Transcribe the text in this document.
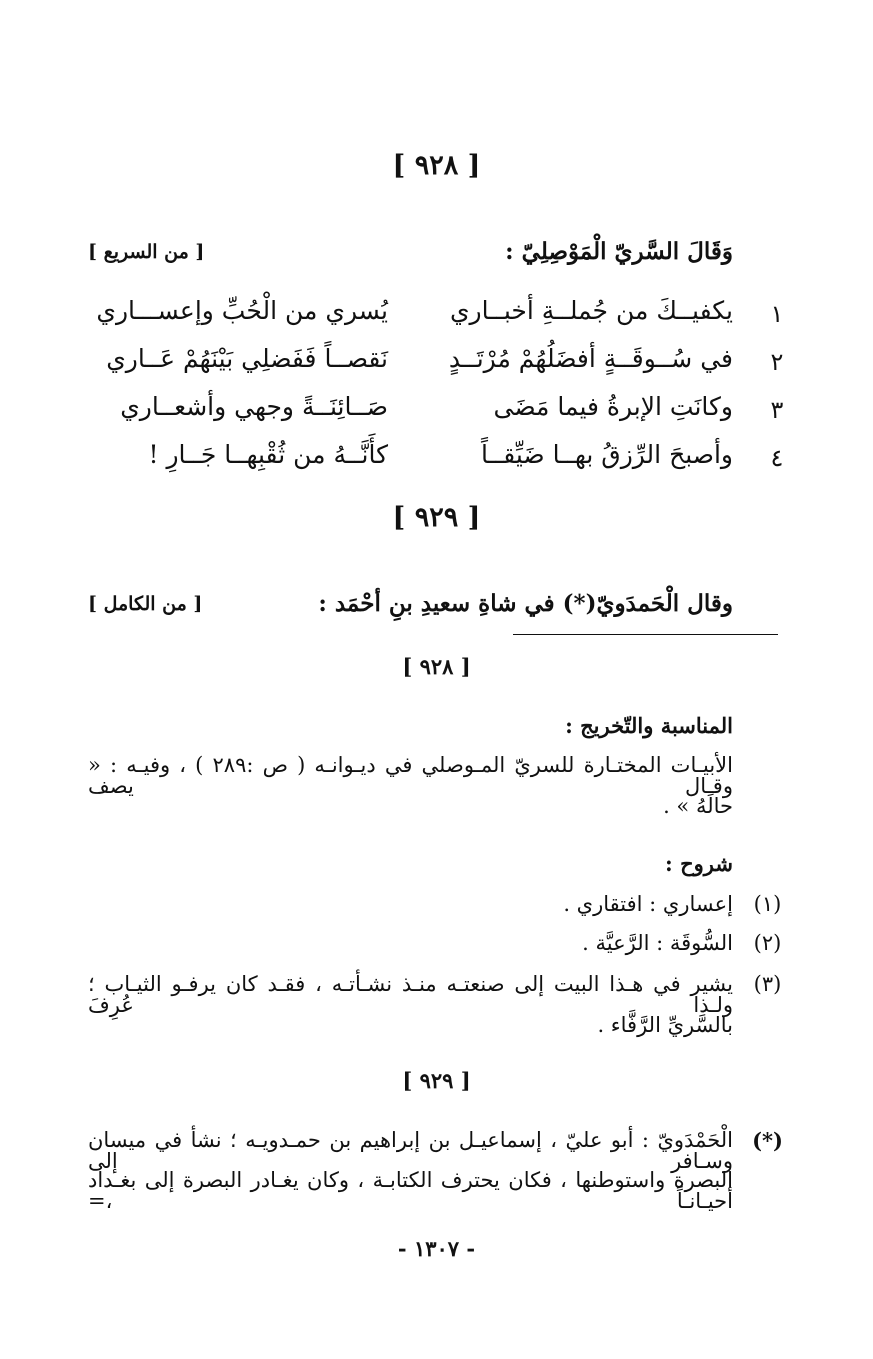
[ ٩٢٨ ]
وَقَالَ السَّريّ الْمَوْصِلِيّ :
[ من السريع ]
١
يكفيــكَ من جُملــةِ أخبــاري
يُسري من الْحُبِّ وإعســـاري
٢
في سُــوقَــةٍ أفضَلُهُمْ مُرْتَــدٍ
نَقصــاً فَفَضلِي بَيْنَهُمْ عَــاري
٣
وكانَتِ الإبرةُ فيما مَضَى
صَــائِنَــةً وجهي وأشعــاري
٤
وأصبحَ الرِّزقُ بهــا ضَيِّقــاً
كأَنَّــهُ من ثُقْبِهــا جَــارِ !
[ ٩٢٩ ]
وقال الْحَمدَويّ(*) في شاةِ سعيدِ بنِ أحْمَد :
[ من الكامل ]
[ ٩٢٨ ]
المناسبة والتّخريج :
الأبيـات المختـارة للسريّ المـوصلي في ديـوانـه ( ص :٢٨٩ ) ، وفيـه : « وقـال يصف
حالَهُ » .
شروح :
(١)
إعساري : افتقاري .
(٢)
السُّوقَة : الرَّعيَّة .
(٣)
يشير في هـذا البيت إلى صنعتـه منـذ نشـأتـه ، فقـد كان يرفـو الثيـاب ؛ ولـذا عُرِفَ
بالسَّريِّ الرَّفَّاء .
[ ٩٢٩ ]
(*)
الْحَمْدَويّ : أبو عليّ ، إسماعيـل بن إبراهيم بن حمـدويـه ؛ نشأ في ميسان وسـافر إلى
البصرة واستوطنها ، فكان يحترف الكتابـة ، وكان يغـادر البصرة إلى بغـداد أحيـانـاً ،=
- ١٣٠٧ -
